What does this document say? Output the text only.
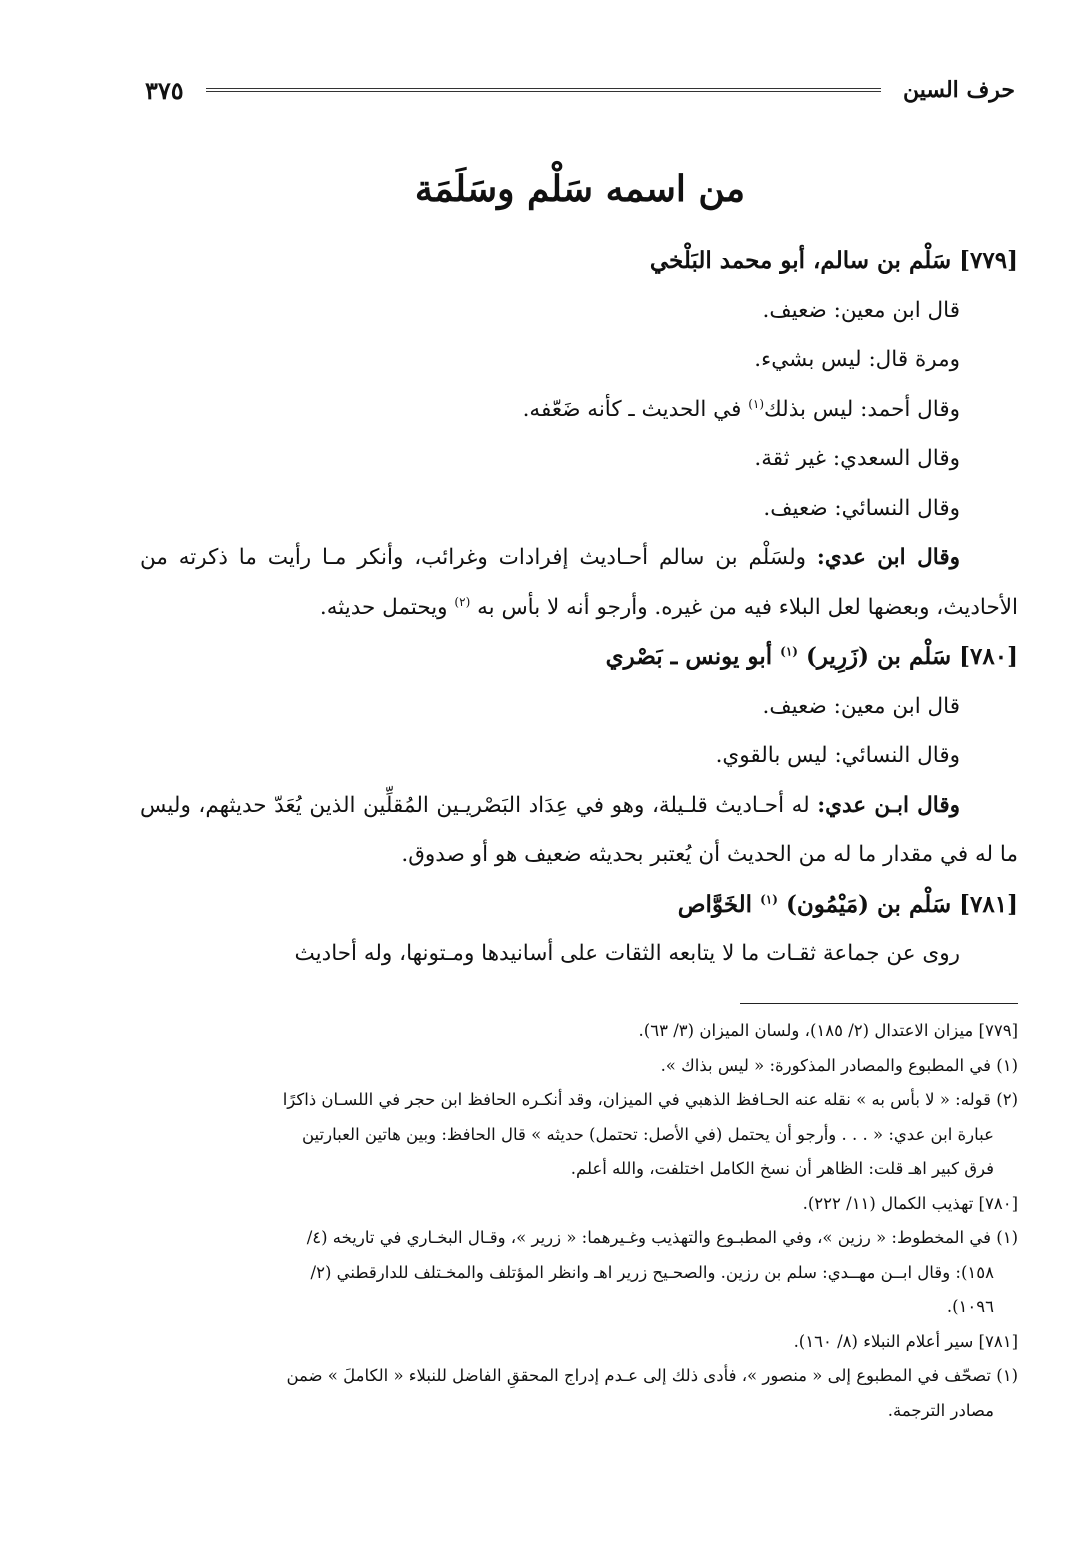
حرف السين
٣٧٥
من اسمه سَلْم وسَلَمَة

[٧٧٩] سَلْم بن سالم، أبو محمد البَلْخي

قال ابن معين: ضعيف.

ومرة قال: ليس بشيء.

وقال أحمد: ليس بذلك$^{(١)}$ في الحديث ـ كأنه ضَعّفه.

وقال السعدي: غير ثقة.

وقال النسائي: ضعيف.

وقال ابن عدي: ولسَلْم بن سالم أحـاديث إفرادات وغرائب، وأنكر مـا رأيت ما ذكرته من الأحاديث، وبعضها لعل البلاء فيه من غيره. وأرجو أنه لا بأس به $^{(٢)}$ ويحتمل حديثه.

[٧٨٠] سَلْم بن (زَرِير) $^{(١)}$ أبو يونس ـ بَصْري

قال ابن معين: ضعيف.

وقال النسائي: ليس بالقوي.

وقال ابـن عدي: له أحـاديث قلـيلة، وهو في عِدَاد البَصْريـين المُقلِّين الذين يُعَدّ حديثهم، وليس ما له في مقدار ما له من الحديث أن يُعتبر بحديثه ضعيف هو أو صدوق.

[٧٨١] سَلْم بن (مَيْمُون) $^{(١)}$ الخَوَّاص

روى عن جماعة ثقـات ما لا يتابعه الثقات على أسانيدها ومـتونها، وله أحاديث

[٧٧٩] ميزان الاعتدال (٢/ ١٨٥)، ولسان الميزان (٣/ ٦٣).

(١) في المطبوع والمصادر المذكورة: « ليس بذاك ».

(٢) قوله: « لا بأس به » نقله عنه الحـافظ الذهبي في الميزان، وقد أنكـره الحافظ ابن حجر في اللسـان ذاكرًا

عبارة ابن عدي: « . . . وأرجو أن يحتمل (في الأصل: تحتمل) حديثه » قال الحافظ: وبين هاتين العبارتين

فرق كبير اهـ قلت: الظاهر أن نسخ الكامل اختلفت، والله أعلم.

[٧٨٠] تهذيب الكمال (١١/ ٢٢٢).

(١) في المخطوط: « رزين »، وفي المطبـوع والتهذيب وغـيرهما: « زرير »، وقـال البخـاري في تاريخه (٤/

١٥٨): وقال ابــن مهــدي: سلم بن رزين. والصحـيح زرير اهـ وانظر المؤتلف والمخـتلف للدارقطني (٢/

١٠٩٦).

[٧٨١] سير أعلام النبلاء (٨/ ١٦٠).

(١) تصحّف في المطبوع إلى « منصور »، فأدى ذلك إلى عـدم إدراج المحققِ الفاضل للنبلاء « الكاملَ » ضمن

مصادر الترجمة.
